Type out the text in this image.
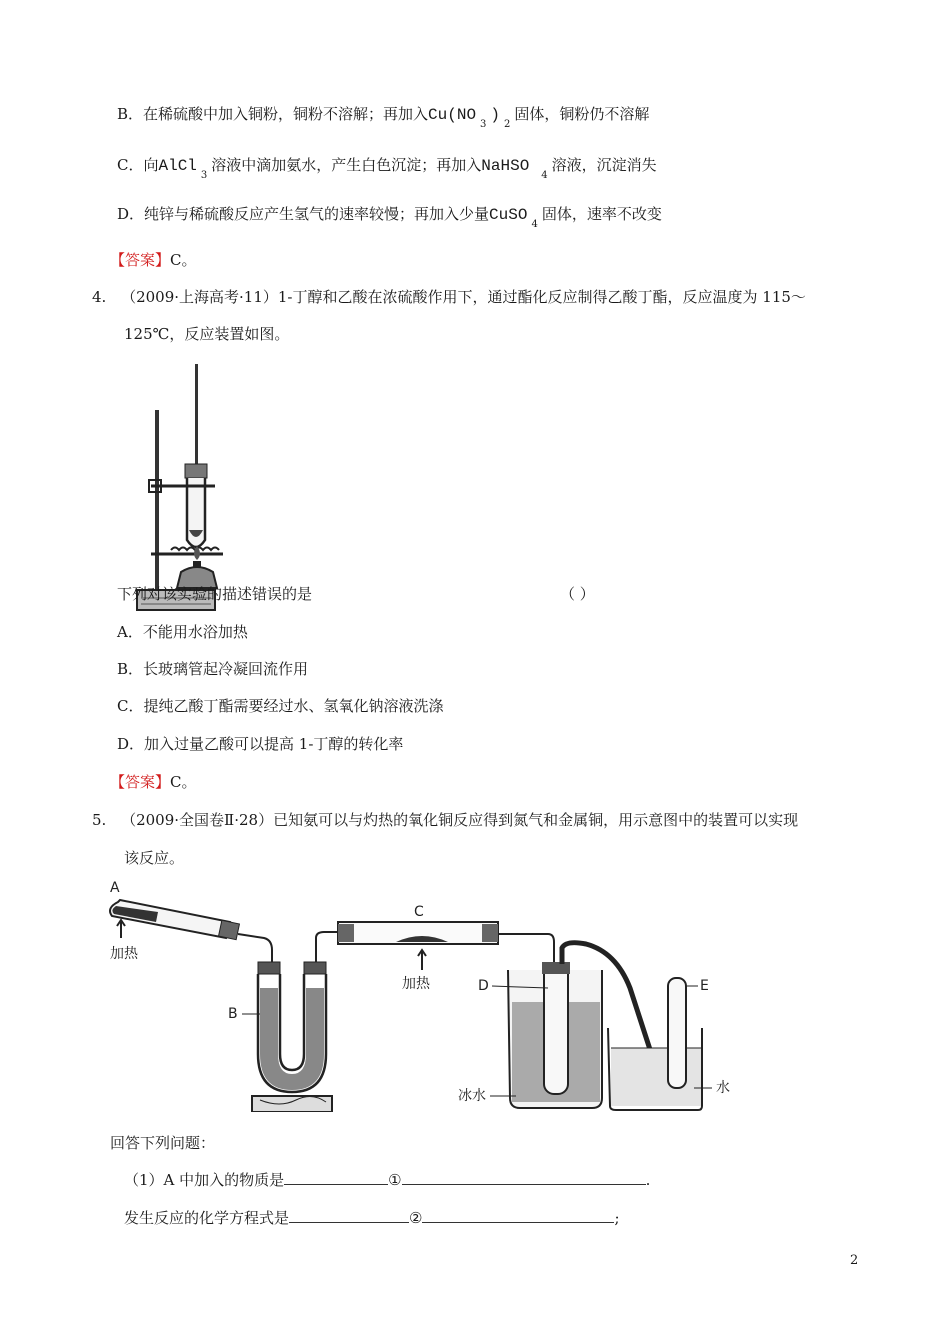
B．在稀硫酸中加入铜粉，铜粉不溶解；再加入$Cu(NO_3)_2$固体，铜粉仍不溶解
C．向AlCl$_3$溶液中滴加氨水，产生白色沉淀；再加入NaHSO$_4$溶液，沉淀消失
D．纯锌与稀硫酸反应产生氢气的速率较慢；再加入少量CuSO$_4$固体，速率不改变
【答案】C。
4. （2009·上海高考·11）1-丁醇和乙酸在浓硫酸作用下，通过酯化反应制得乙酸丁酯，反应温度为 115～
125℃，反应装置如图。
下列对该实验的描述错误的是	（ ）
A．不能用水浴加热
B．长玻璃管起冷凝回流作用
C．提纯乙酸丁酯需要经过水、氢氧化钠溶液洗涤
D．加入过量乙酸可以提高 1-丁醇的转化率
【答案】C。
5. （2009·全国卷Ⅱ·28）已知氨可以与灼热的氧化铜反应得到氮气和金属铜，用示意图中的装置可以实现
该反应。
A
加热
B
C
加热	D
冰水
E
水
回答下列问题：
（1）A 中加入的物质是	①	.
发生反应的化学方程式是	②	;
2
